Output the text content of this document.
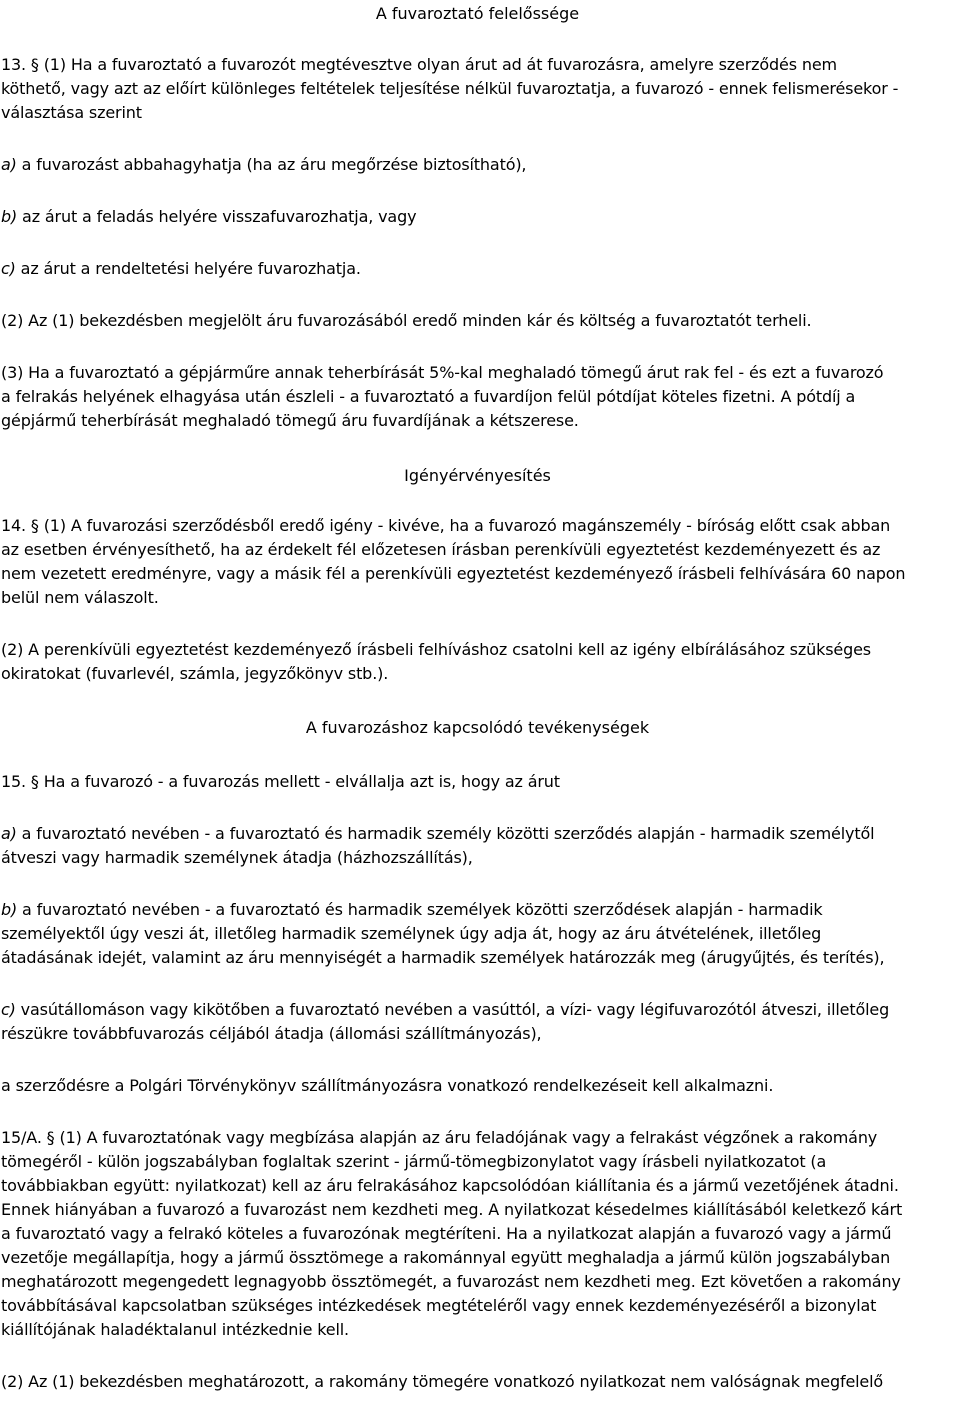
A fuvaroztató felelőssége
13. § (1) Ha a fuvaroztató a fuvarozót megtévesztve olyan árut ad át fuvarozásra, amelyre szerződés nem
köthető, vagy azt az előírt különleges feltételek teljesítése nélkül fuvaroztatja, a fuvarozó - ennek felismerésekor -
választása szerint
a) a fuvarozást abbahagyhatja (ha az áru megőrzése biztosítható),
b) az árut a feladás helyére visszafuvarozhatja, vagy
c) az árut a rendeltetési helyére fuvarozhatja.
(2) Az (1) bekezdésben megjelölt áru fuvarozásából eredő minden kár és költség a fuvaroztatót terheli.
(3) Ha a fuvaroztató a gépjárműre annak teherbírását 5%-kal meghaladó tömegű árut rak fel - és ezt a fuvarozó
a felrakás helyének elhagyása után észleli - a fuvaroztató a fuvardíjon felül pótdíjat köteles fizetni. A pótdíj a
gépjármű teherbírását meghaladó tömegű áru fuvardíjának a kétszerese.
Igényérvényesítés
14. § (1) A fuvarozási szerződésből eredő igény - kivéve, ha a fuvarozó magánszemély - bíróság előtt csak abban
az esetben érvényesíthető, ha az érdekelt fél előzetesen írásban perenkívüli egyeztetést kezdeményezett és az
nem vezetett eredményre, vagy a másik fél a perenkívüli egyeztetést kezdeményező írásbeli felhívására 60 napon
belül nem válaszolt.
(2) A perenkívüli egyeztetést kezdeményező írásbeli felhíváshoz csatolni kell az igény elbírálásához szükséges
okiratokat (fuvarlevél, számla, jegyzőkönyv stb.).
A fuvarozáshoz kapcsolódó tevékenységek
15. § Ha a fuvarozó - a fuvarozás mellett - elvállalja azt is, hogy az árut
a) a fuvaroztató nevében - a fuvaroztató és harmadik személy közötti szerződés alapján - harmadik személytől
átveszi vagy harmadik személynek átadja (házhozszállítás),
b) a fuvaroztató nevében - a fuvaroztató és harmadik személyek közötti szerződések alapján - harmadik
személyektől úgy veszi át, illetőleg harmadik személynek úgy adja át, hogy az áru átvételének, illetőleg
átadásának idejét, valamint az áru mennyiségét a harmadik személyek határozzák meg (árugyűjtés, és terítés),
c) vasútállomáson vagy kikötőben a fuvaroztató nevében a vasúttól, a vízi- vagy légifuvarozótól átveszi, illetőleg
részükre továbbfuvarozás céljából átadja (állomási szállítmányozás),
a szerződésre a Polgári Törvénykönyv szállítmányozásra vonatkozó rendelkezéseit kell alkalmazni.
15/A. § (1) A fuvaroztatónak vagy megbízása alapján az áru feladójának vagy a felrakást végzőnek a rakomány
tömegéről - külön jogszabályban foglaltak szerint - jármű-tömegbizonylatot vagy írásbeli nyilatkozatot (a
továbbiakban együtt: nyilatkozat) kell az áru felrakásához kapcsolódóan kiállítania és a jármű vezetőjének átadni.
Ennek hiányában a fuvarozó a fuvarozást nem kezdheti meg. A nyilatkozat késedelmes kiállításából keletkező kárt
a fuvaroztató vagy a felrakó köteles a fuvarozónak megtéríteni. Ha a nyilatkozat alapján a fuvarozó vagy a jármű
vezetője megállapítja, hogy a jármű össztömege a rakománnyal együtt meghaladja a jármű külön jogszabályban
meghatározott megengedett legnagyobb össztömegét, a fuvarozást nem kezdheti meg. Ezt követően a rakomány
továbbításával kapcsolatban szükséges intézkedések megtételéről vagy ennek kezdeményezéséről a bizonylat
kiállítójának haladéktalanul intézkednie kell.
(2) Az (1) bekezdésben meghatározott, a rakomány tömegére vonatkozó nyilatkozat nem valóságnak megfelelő
